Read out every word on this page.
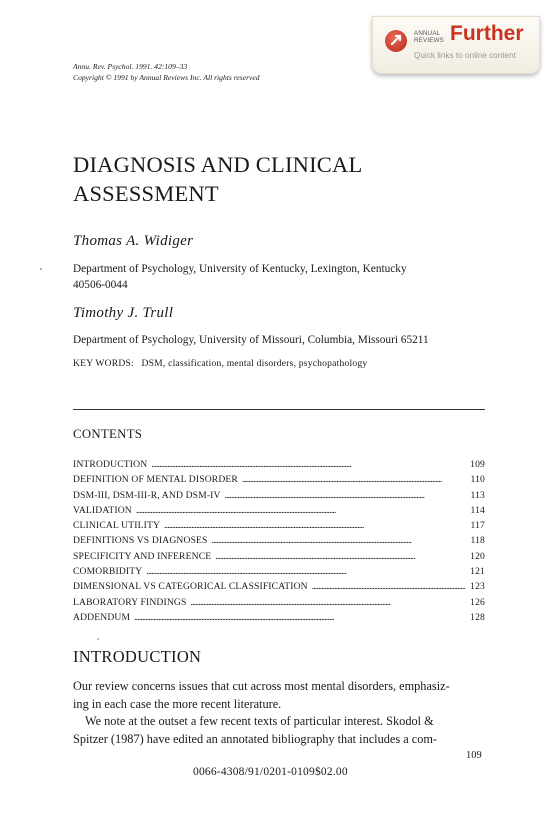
Annu. Rev. Psychol. 1991. 42:109–33
Copyright © 1991 by Annual Reviews Inc. All rights reserved
ANNUAL
REVIEWS Further
Quick links to online content
DIAGNOSIS AND CLINICAL
ASSESSMENT
Thomas A. Widiger
Department of Psychology, University of Kentucky, Lexington, Kentucky
40506-0044
Timothy J. Trull
Department of Psychology, University of Missouri, Columbia, Missouri 65211
KEY WORDS: DSM, classification, mental disorders, psychopathology
CONTENTS
INTRODUCTION . . .	109
DEFINITION OF MENTAL DISORDER . . .	110
DSM-III, DSM-III-R, AND DSM-IV . . .	113
VALIDATION . . .	114
CLINICAL UTILITY . . .	117
DEFINITIONS VS DIAGNOSES . . .	118
SPECIFICITY AND INFERENCE . . .	120
COMORBIDITY . . .	121
DIMENSIONAL VS CATEGORICAL CLASSIFICATION . . .	123
LABORATORY FINDINGS . . .	126
ADDENDUM . . .	128
INTRODUCTION
Our review concerns issues that cut across most mental disorders, emphasiz-
ing in each case the more recent literature.
We note at the outset a few recent texts of particular interest. Skodol &
Spitzer (1987) have edited an annotated bibliography that includes a com-
109
0066-4308/91/0201-0109$02.00
